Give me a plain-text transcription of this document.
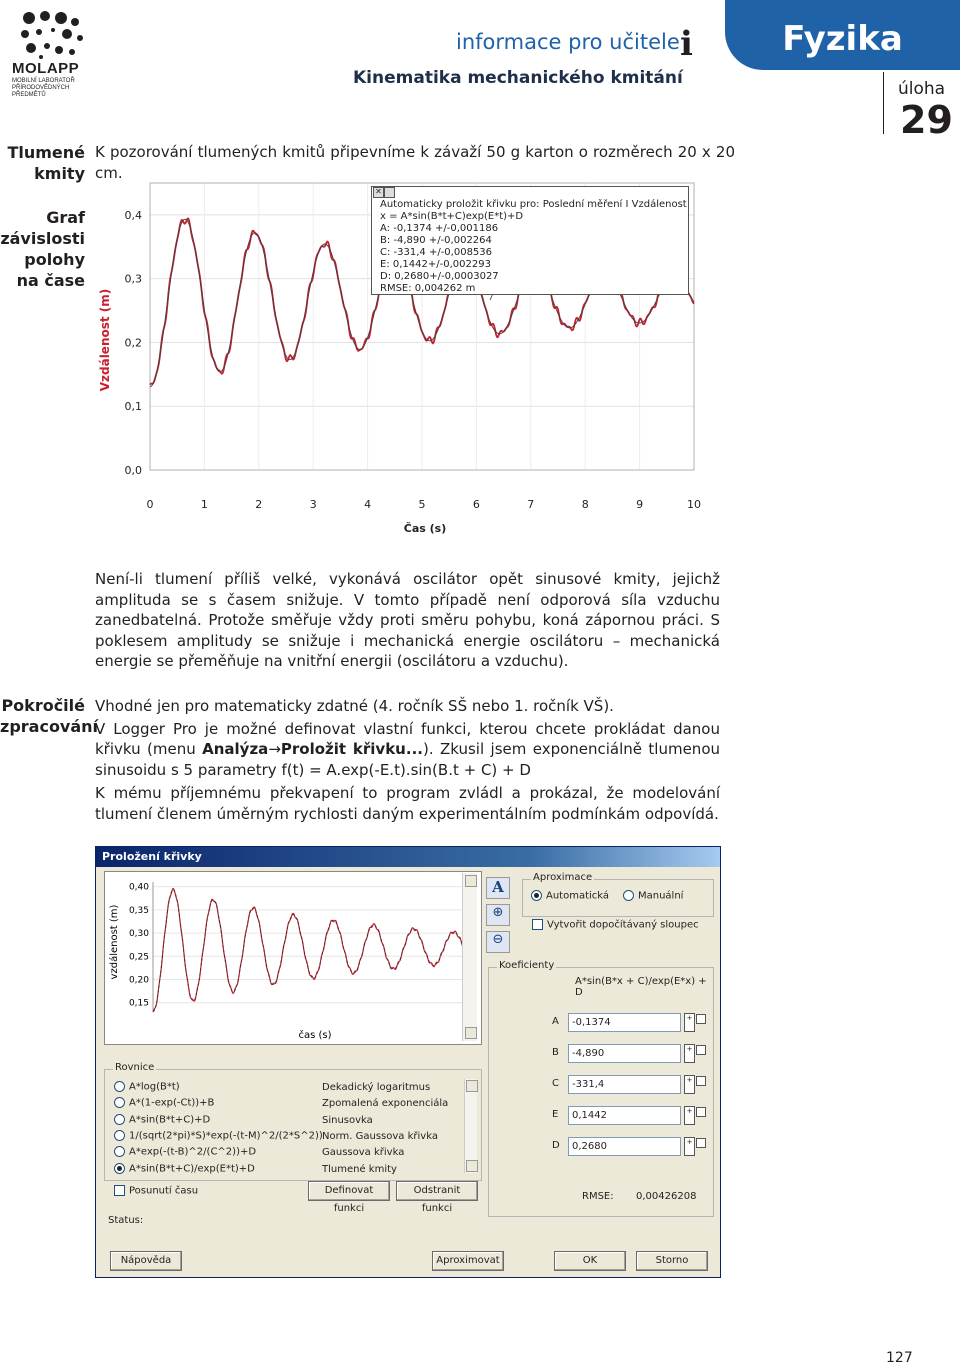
MOLAPP
MOBILNÍ LABORATOŘ
PŘÍRODOVĚDNÝCH
PŘEDMĚTŮ
informace pro učitele i
Kinematika mechanického kmitání
Fyzika
úloha
29
Tlumené
kmity
Graf
závislosti
polohy
na čase
Pokročilé
zpracování
K pozorování tlumených kmitů připevníme k závaží 50 g karton o rozměrech 20 x 20 cm.
0,0
0,1
0,2
0,3
0,4
0	1	2	3	4	5	6	7	8	9	10
Čas (s)
Vzdálenost (m)
✕
Automaticky proložit křivku pro: Poslední měření I Vzdálenost
x = A*sin(B*t+C)exp(E*t)+D
A: -0,1374 +/-0,001186
B: -4,890 +/-0,002264
C: -331,4 +/-0,008536
E: 0,1442+/-0,002293
D: 0,2680+/-0,0003027
RMSE: 0,004262 m
Není-li tlumení příliš velké, vykonává oscilátor opět sinusové kmity, jejichž amplituda se s časem snižuje. V tomto případě není odporová síla vzduchu zanedbatelná. Protože směřuje vždy proti směru pohybu, koná zápornou práci. S poklesem amplitudy se snižuje i mechanická energie oscilátoru – mechanická energie se přeměňuje na vnitřní energii (oscilátoru a vzduchu).
Vhodné jen pro matematicky zdatné (4. ročník SŠ nebo 1. ročník VŠ).
V Logger Pro je možné definovat vlastní funkci, kterou chcete prokládat danou křivku (menu Analýza→Proložit křivku...). Zkusil jsem exponenciálně tlumenou sinusoidu s 5 parametry f(t) = A.exp(-E.t).sin(B.t + C) + D
K mému příjemnému překvapení to program zvládl a prokázal, že modelování tlumení členem úměrným rychlosti daným experimentálním podmínkám odpovídá.
Proložení křivky
0,40
0,35
0,30
0,25
0,20
0,15
vzdálenost (m)
čas (s)
A
⊕
⊖
Aproximace
Automatická	Manuální
Vytvořit dopočítávaný sloupec
Koeficienty
A*sin(B*x + C)/exp(E*x) + D
A	-0,1374	+
B	-4,890	+
C	-331,4	+
E	0,1442	+
D	0,2680	+
RMSE: 0,00426208
Rovnice
A*log(B*t)	Dekadický logaritmus
A*(1-exp(-Ct))+B	Zpomalená exponenciála
A*sin(B*t+C)+D	Sinusovka
1/(sqrt(2*pi)*S)*exp(-(t-M)^2/(2*S^2)) Norm. Gaussova křivka
A*exp(-(t-B)^2/(C^2))+D	Gaussova křivka
A*sin(B*t+C)/exp(E*t)+D	Tlumené kmity
Posunutí času	Definovat funkci
Odstranit funkci
Status:
Nápověda	Aproximovat	OK	Storno
127
